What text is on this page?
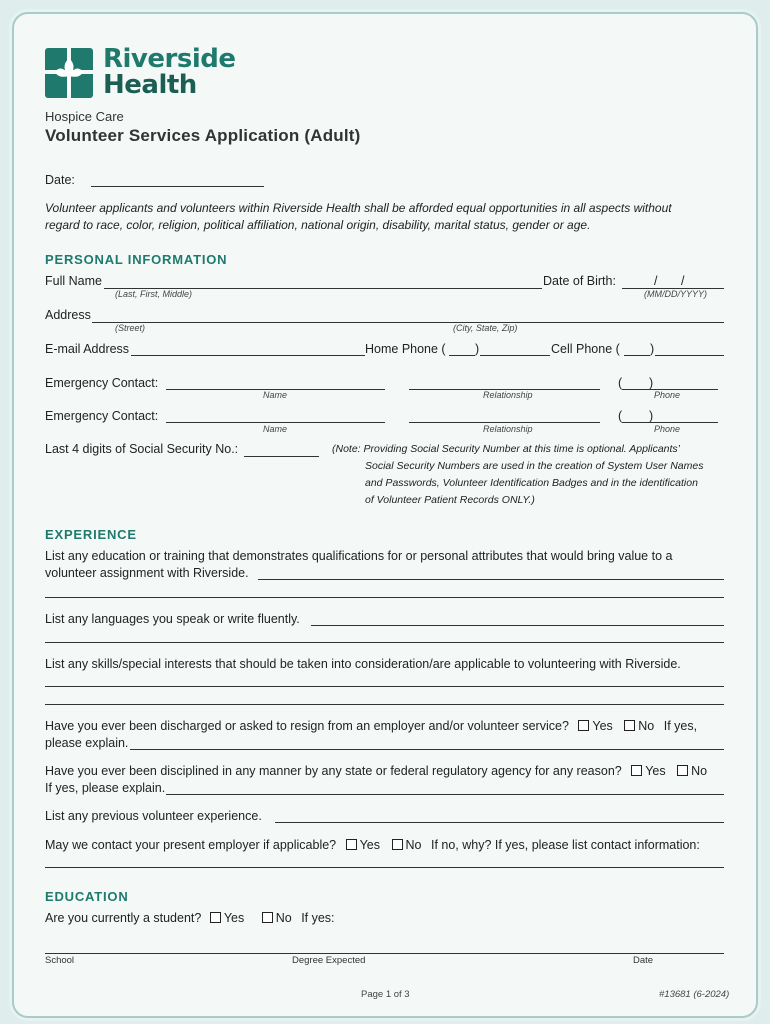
Riverside
Health
Hospice Care
Volunteer Services Application (Adult)
Date:
Volunteer applicants and volunteers within Riverside Health shall be afforded equal opportunities in all aspects without
regard to race, color, religion, political affiliation, national origin, disability, marital status, gender or age.
PERSONAL INFORMATION
Full Name
(Last, First, Middle)
Date of Birth:	/ /
(MM/DD/YYYY)
Address
(Street)	(City, State, Zip)
E-mail Address	Home Phone ( )	Cell Phone ( )
Emergency Contact:
Name	Relationship
( )
Phone
Emergency Contact:
Name	Relationship
( )
Phone
Last 4 digits of Social Security No.:	(Note: Providing Social Security Number at this time is optional. Applicants’
Social Security Numbers are used in the creation of System User Names
and Passwords, Volunteer Identification Badges and in the identification
of Volunteer Patient Records ONLY.)
EXPERIENCE
List any education or training that demonstrates qualifications for or personal attributes that would bring value to a
volunteer assignment with Riverside.
List any languages you speak or write fluently.
List any skills/special interests that should be taken into consideration/are applicable to volunteering with Riverside.
Have you ever been discharged or asked to resign from an employer and/or volunteer service? Yes No If yes,
please explain.
Have you ever been disciplined in any manner by any state or federal regulatory agency for any reason? Yes No
If yes, please explain.
List any previous volunteer experience.
May we contact your present employer if applicable? Yes No If no, why? If yes, please list contact information:
EDUCATION
Are you currently a student? Yes	No If yes:
School	Degree Expected	Date
Page 1 of 3	#13681 (6-2024)
